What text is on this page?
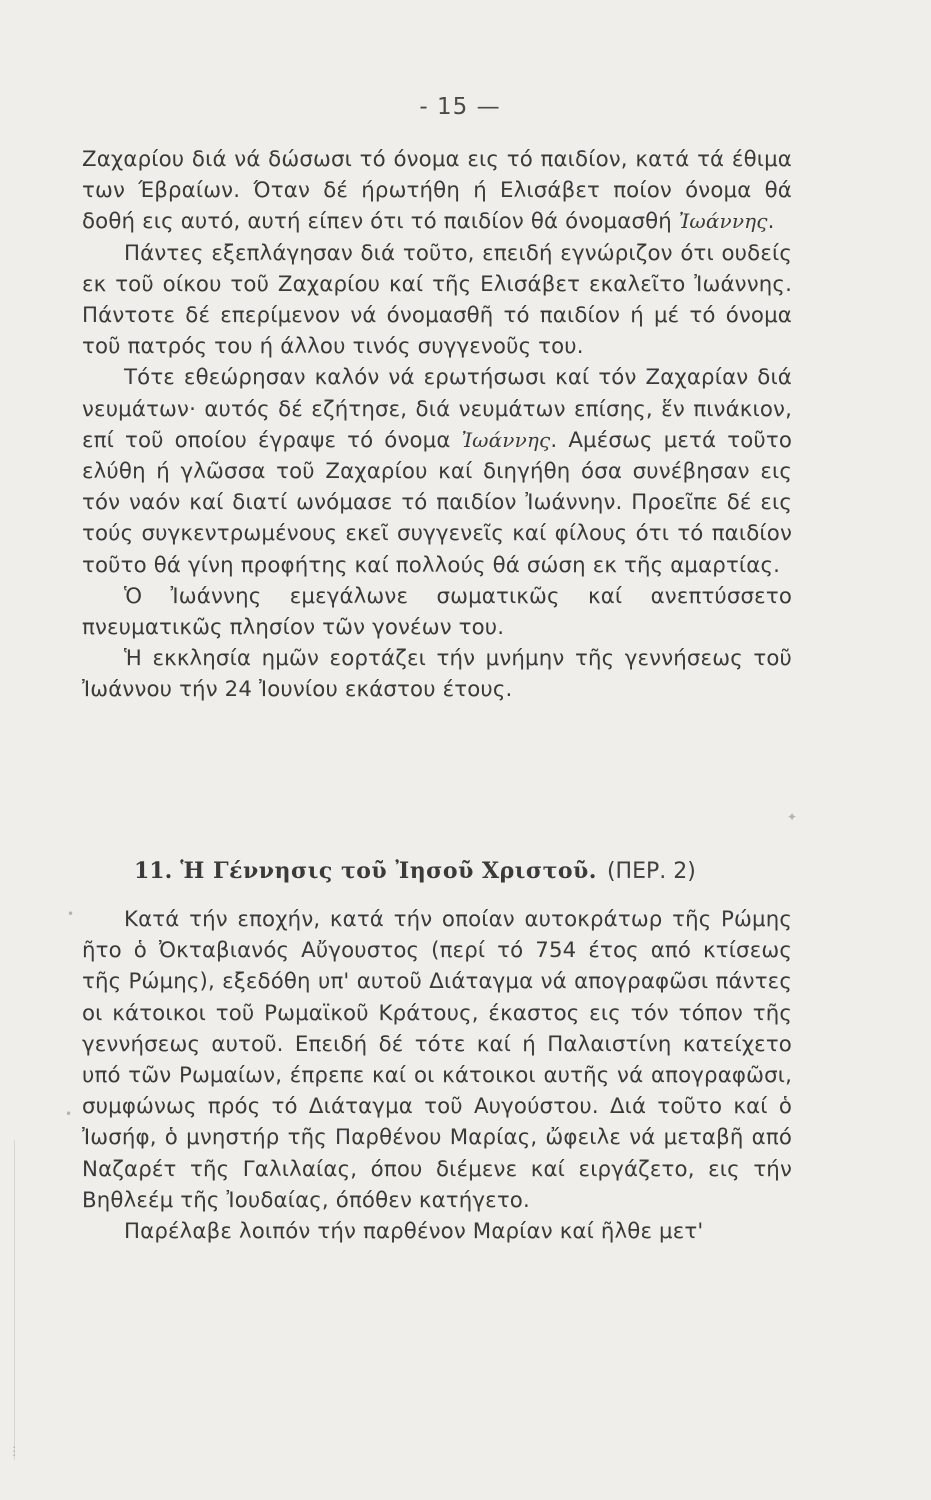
- 15 —

Ζαχαρίου διά νά δώσωσι τό όνομα εις τό παιδίον, κατά τά έθιμα των Έβραίων. Όταν δέ ήρωτήθη ή Ελισάβετ ποίον όνομα θά δοθή εις αυτό, αυτή είπεν ότι τό παιδίον θά όνομασθή Ἰωάννης.

Πάντες εξεπλάγησαν διά τοῦτο, επειδή εγνώριζον ότι ουδείς εκ τοῦ οίκου τοῦ Ζαχαρίου καί τῆς Ελισάβετ εκαλεῖτο Ἰωάννης. Πάντοτε δέ επερίμενον νά όνομασθῆ τό παιδίον ή μέ τό όνομα τοῦ πατρός του ή άλλου τινός συγγενοῦς του.

Τότε εθεώρησαν καλόν νά ερωτήσωσι καί τόν Ζαχαρίαν διά νευμάτων· αυτός δέ εζήτησε, διά νευμάτων επίσης, ἕν πινάκιον, επί τοῦ οποίου έγραψε τό όνομα Ἰωάννης. Αμέσως μετά τοῦτο ελύθη ή γλῶσσα τοῦ Ζαχαρίου καί διηγήθη όσα συνέβησαν εις τόν ναόν καί διατί ωνόμασε τό παιδίον Ἰωάννην. Προεῖπε δέ εις τούς συγκεντρωμένους εκεῖ συγγενεῖς καί φίλους ότι τό παιδίον τοῦτο θά γίνη προφήτης καί πολλούς θά σώση εκ τῆς αμαρτίας.

Ὁ Ἰωάννης εμεγάλωνε σωματικῶς καί ανεπτύσσετο πνευματικῶς πλησίον τῶν γονέων του.

Ἡ εκκλησία ημῶν εορτάζει τήν μνήμην τῆς γεννήσεως τοῦ Ἰωάννου τήν 24 Ἰουνίου εκάστου έτους.

11. Ἡ Γέννησις τοῦ Ἰησοῦ Χριστοῦ. (ΠΕΡ. 2)

Κατά τήν εποχήν, κατά τήν οποίαν αυτοκράτωρ τῆς Ρώμης ῆτο ὁ Ὀκταβιανός Αὔγουστος (περί τό 754 έτος από κτίσεως τῆς Ρώμης), εξεδόθη υπ' αυτοῦ Διάταγμα νά απογραφῶσι πάντες οι κάτοικοι τοῦ Ρωμαϊκοῦ Κράτους, έκαστος εις τόν τόπον τῆς γεννήσεως αυτοῦ. Επειδή δέ τότε καί ή Παλαιστίνη κατείχετο υπό τῶν Ρωμαίων, έπρεπε καί οι κάτοικοι αυτῆς νά απογραφῶσι, συμφώνως πρός τό Διάταγμα τοῦ Αυγούστου. Διά τοῦτο καί ὁ Ἰωσήφ, ὁ μνηστήρ τῆς Παρθένου Μαρίας, ὤφειλε νά μεταβῆ από Ναζαρέτ τῆς Γαλιλαίας, όπου διέμενε καί ειργάζετο, εις τήν Βηθλεέμ τῆς Ἰουδαίας, όπόθεν κατήγετο.

Παρέλαβε λοιπόν τήν παρθένον Μαρίαν καί ῆλθε μετ'

✦
•
•
⋮
